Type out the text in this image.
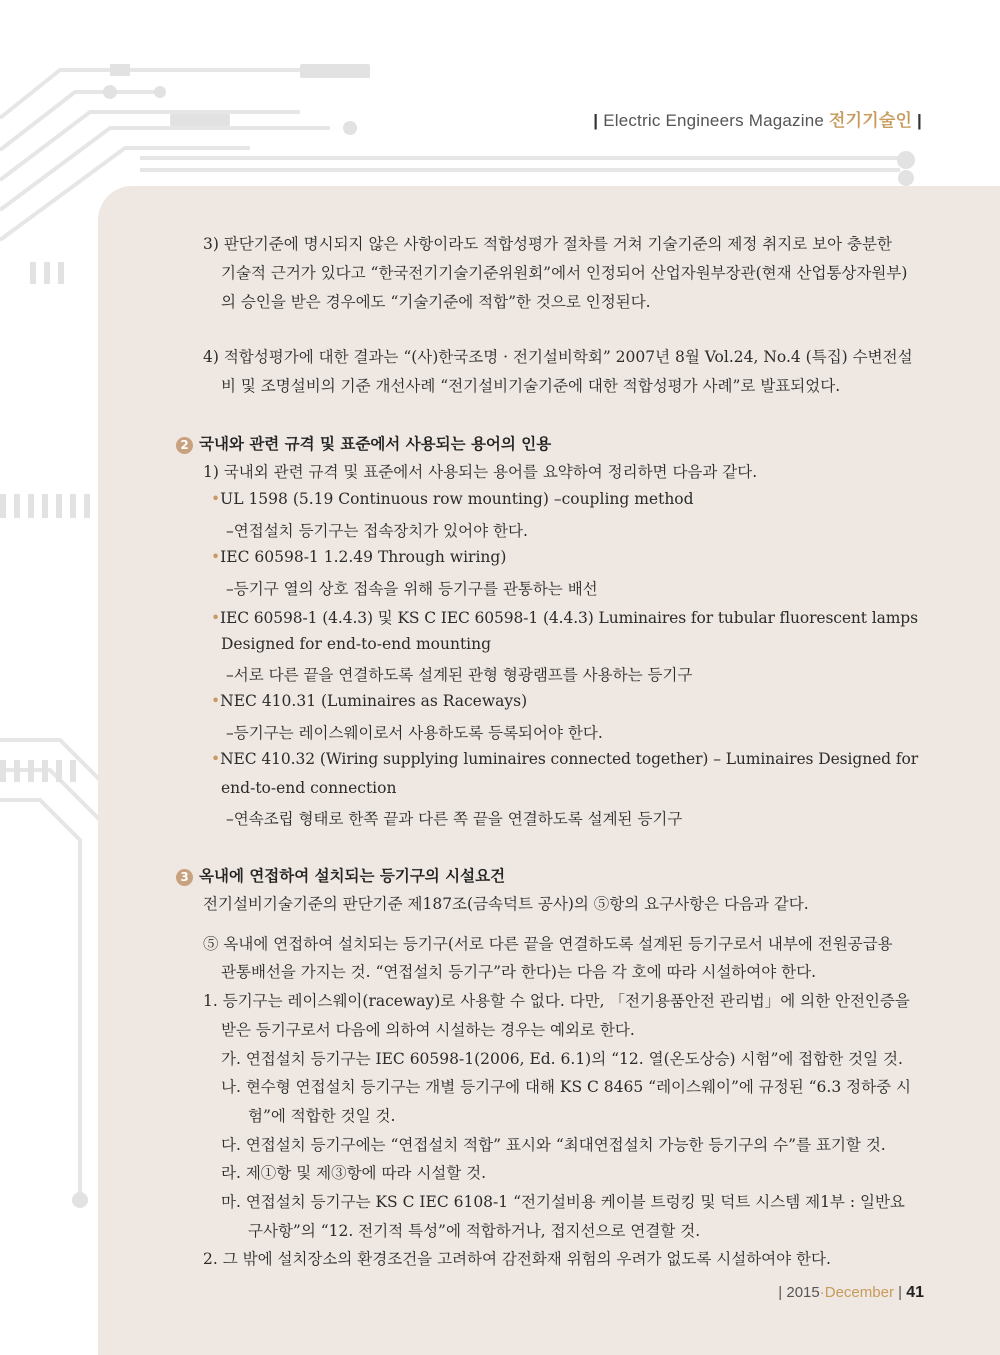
| Electric Engineers Magazine 전기기술인 |
3) 판단기준에 명시되지 않은 사항이라도 적합성평가 절차를 거쳐 기술기준의 제정 취지로 보아 충분한
기술적 근거가 있다고 “한국전기기술기준위원회”에서 인정되어 산업자원부장관(현재 산업통상자원부)
의 승인을 받은 경우에도 “기술기준에 적합”한 것으로 인정된다.
4) 적합성평가에 대한 결과는 “(사)한국조명 · 전기설비학회” 2007년 8월 Vol.24, No.4 (특집) 수변전설
비 및 조명설비의 기준 개선사례 “전기설비기술기준에 대한 적합성평가 사례”로 발표되었다.
2 국내와 관련 규격 및 표준에서 사용되는 용어의 인용
1) 국내외 관련 규격 및 표준에서 사용되는 용어를 요약하여 정리하면 다음과 같다.
•UL 1598 (5.19 Continuous row mounting) –coupling method
–연접설치 등기구는 접속장치가 있어야 한다.
•IEC 60598-1 1.2.49 Through wiring)
–등기구 열의 상호 접속을 위해 등기구를 관통하는 배선
•IEC 60598-1 (4.4.3) 및 KS C IEC 60598-1 (4.4.3) Luminaires for tubular fluorescent lamps
Designed for end-to-end mounting
–서로 다른 끝을 연결하도록 설계된 관형 형광램프를 사용하는 등기구
•NEC 410.31 (Luminaires as Raceways)
–등기구는 레이스웨이로서 사용하도록 등록되어야 한다.
•NEC 410.32 (Wiring supplying luminaires connected together) – Luminaires Designed for
end-to-end connection
–연속조립 형태로 한쪽 끝과 다른 쪽 끝을 연결하도록 설계된 등기구
3 옥내에 연접하여 설치되는 등기구의 시설요건
전기설비기술기준의 판단기준 제187조(금속덕트 공사)의 ⑤항의 요구사항은 다음과 같다.
⑤ 옥내에 연접하여 설치되는 등기구(서로 다른 끝을 연결하도록 설계된 등기구로서 내부에 전원공급용
관통배선을 가지는 것. “연접설치 등기구”라 한다)는 다음 각 호에 따라 시설하여야 한다.
1. 등기구는 레이스웨이(raceway)로 사용할 수 없다. 다만, 「전기용품안전 관리법」에 의한 안전인증을
받은 등기구로서 다음에 의하여 시설하는 경우는 예외로 한다.
가. 연접설치 등기구는 IEC 60598-1(2006, Ed. 6.1)의 “12. 열(온도상승) 시험”에 접합한 것일 것.
나. 현수형 연접설치 등기구는 개별 등기구에 대해 KS C 8465 “레이스웨이”에 규정된 “6.3 정하중 시
험”에 적합한 것일 것.
다. 연접설치 등기구에는 “연접설치 적합” 표시와 “최대연접설치 가능한 등기구의 수”를 표기할 것.
라. 제①항 및 제③항에 따라 시설할 것.
마. 연접설치 등기구는 KS C IEC 6108-1 “전기설비용 케이블 트렁킹 및 덕트 시스템 제1부 : 일반요
구사항”의 “12. 전기적 특성”에 적합하거나, 접지선으로 연결할 것.
2. 그 밖에 설치장소의 환경조건을 고려하여 감전화재 위험의 우려가 없도록 시설하여야 한다.
| 2015·December | 41
